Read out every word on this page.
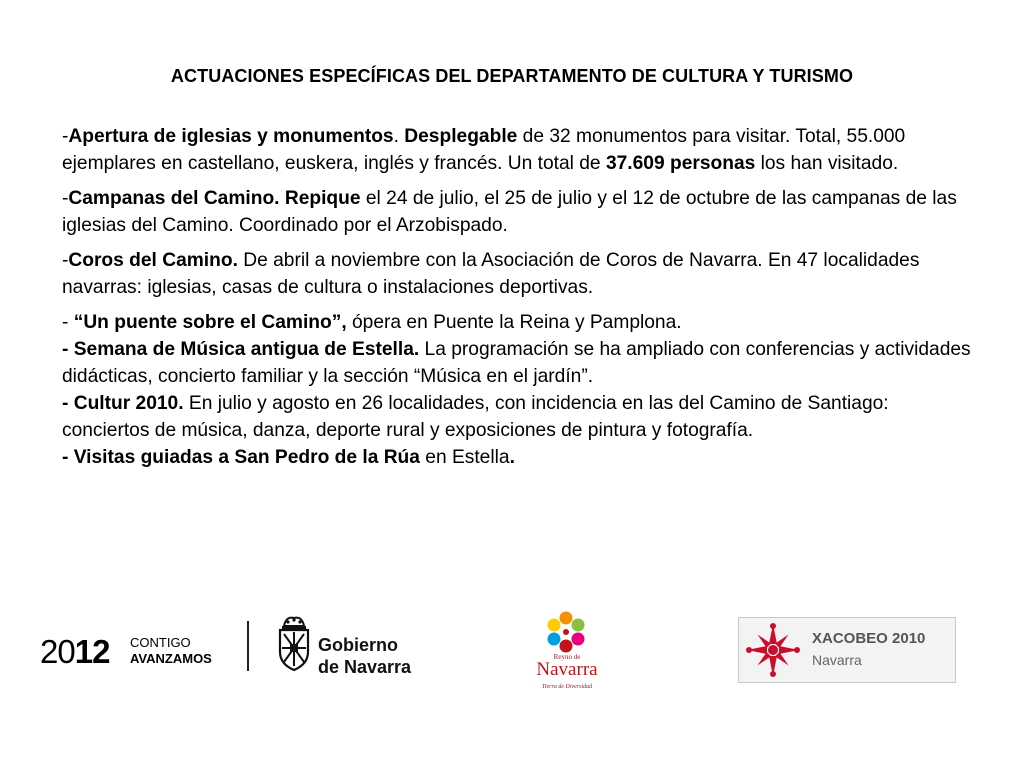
ACTUACIONES ESPECÍFICAS DEL DEPARTAMENTO DE CULTURA Y TURISMO

-Apertura de iglesias y monumentos. Desplegable de 32 monumentos para visitar. Total, 55.000 ejemplares en castellano, euskera, inglés y francés. Un total de 37.609 personas los han visitado.

-Campanas del Camino. Repique el 24 de julio, el 25 de julio y el 12 de octubre de las campanas de las iglesias del Camino. Coordinado por el Arzobispado.

-Coros del Camino. De abril a noviembre con la Asociación de Coros de Navarra. En 47 localidades navarras: iglesias, casas de cultura o instalaciones deportivas.

- “Un puente sobre el Camino”, ópera en Puente la Reina y Pamplona.

- Semana de Música antigua de Estella. La programación se ha ampliado con conferencias y actividades didácticas, concierto familiar y la sección “Música en el jardín”.

- Cultur 2010. En julio y agosto en 26 localidades, con incidencia en las del Camino de Santiago: conciertos de música, danza, deporte rural y exposiciones de pintura y fotografía.

- Visitas guiadas a San Pedro de la Rúa en Estella.

2012 CONTIGO
AVANZAMOS
Gobierno
de Navarra	Reyno de
Navarra
Tierra de Diversidad
XACOBEO 2010
Navarra
